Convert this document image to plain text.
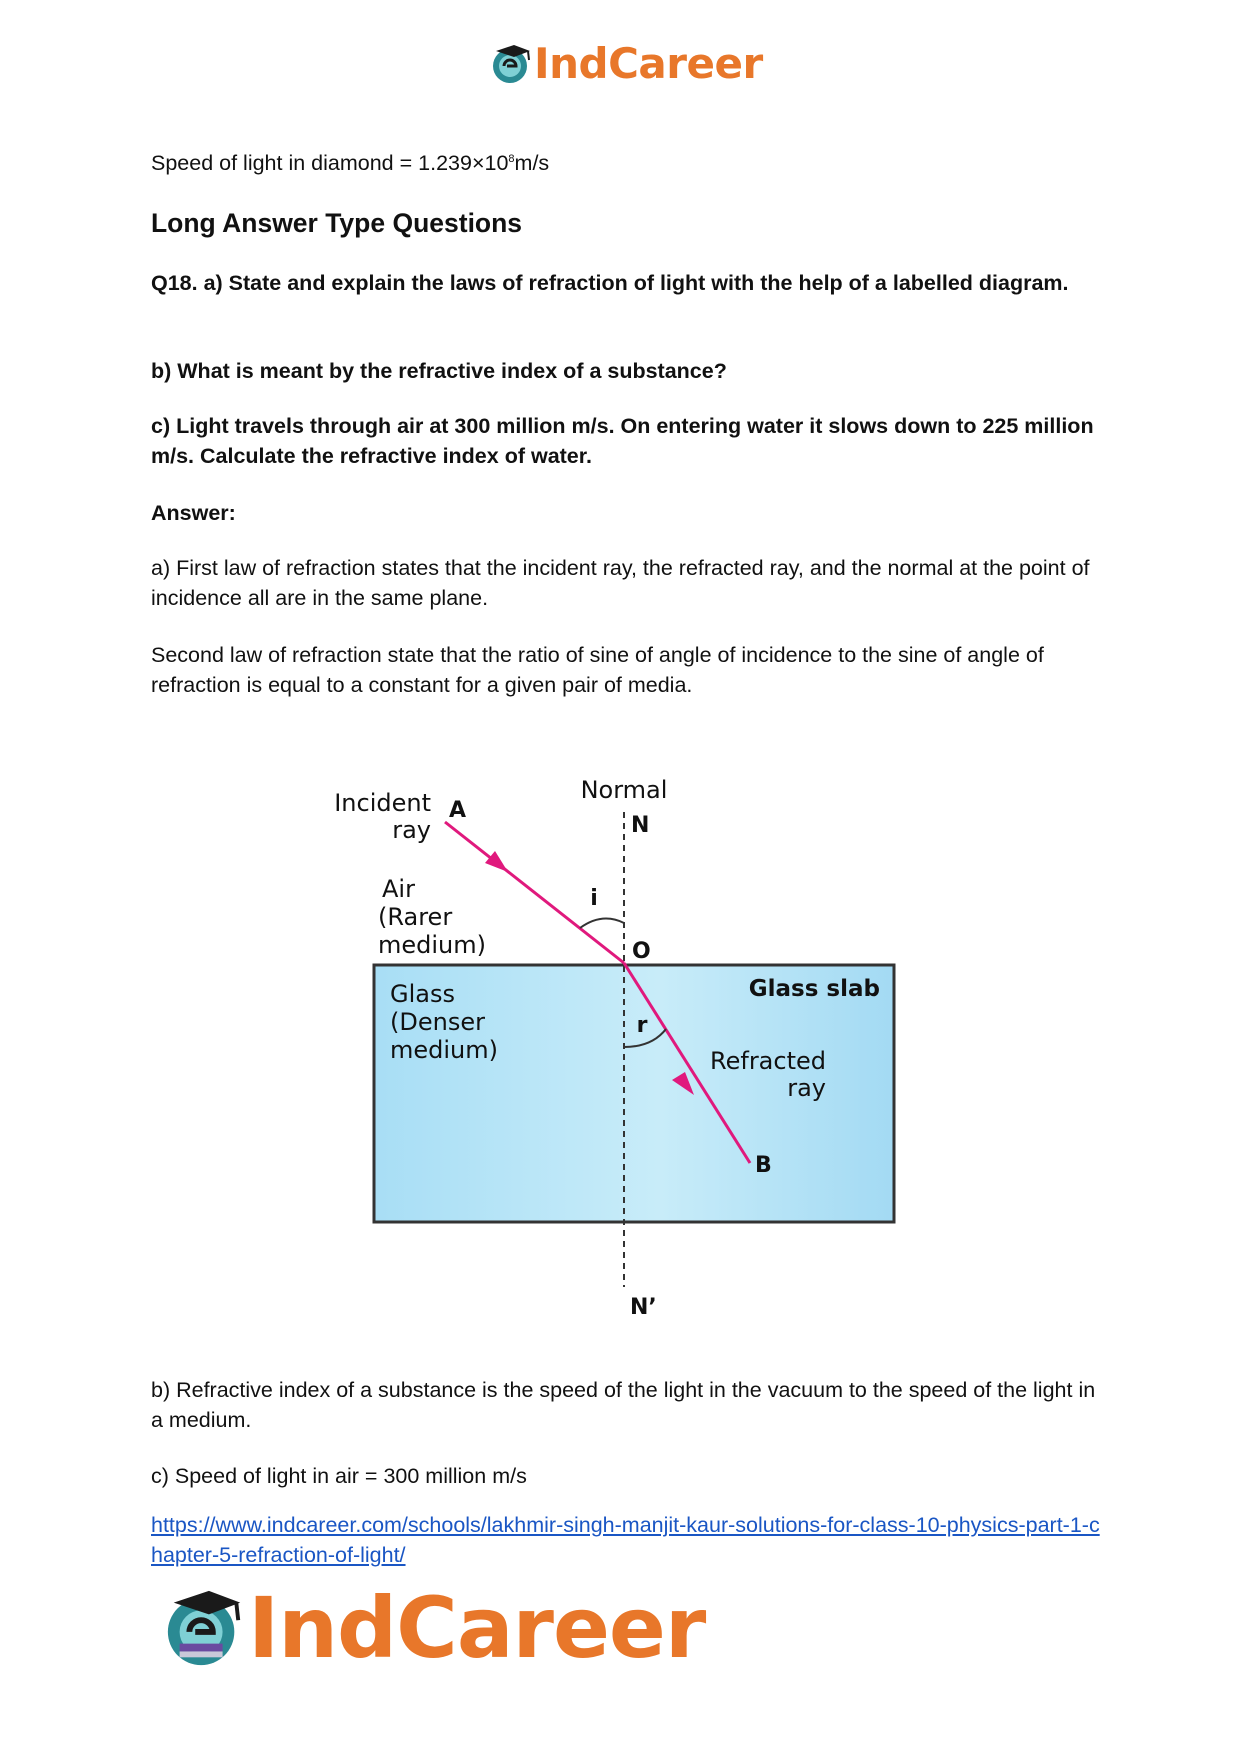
IndCareer

Speed of light in diamond = $1.239\times 10^8m/s$

Long Answer Type Questions

Q18. a) State and explain the laws of refraction of light with the help of a labelled diagram.

b) What is meant by the refractive index of a substance?

c) Light travels through air at 300 million m/s. On entering water it slows down to 225 million m/s. Calculate the refractive index of water.

Answer:

a) First law of refraction states that the incident ray, the refracted ray, and the normal at the point of incidence all are in the same plane.

Second law of refraction state that the ratio of sine of angle of incidence to the sine of angle of refraction is equal to a constant for a given pair of media.

Normal
N
Incident
ray
A
i
O
Air
(Rarer
medium)
Glass slab
Glass
(Denser
medium)
r
Refracted
ray
B
N’

b) Refractive index of a substance is the speed of the light in the vacuum to the speed of the light in a medium.

c) Speed of light in air = 300 million m/s

https://www.indcareer.com/schools/lakhmir-singh-manjit-kaur-solutions-for-class-10-physics-part-1-chapter-5-refraction-of-light/

IndCareer
